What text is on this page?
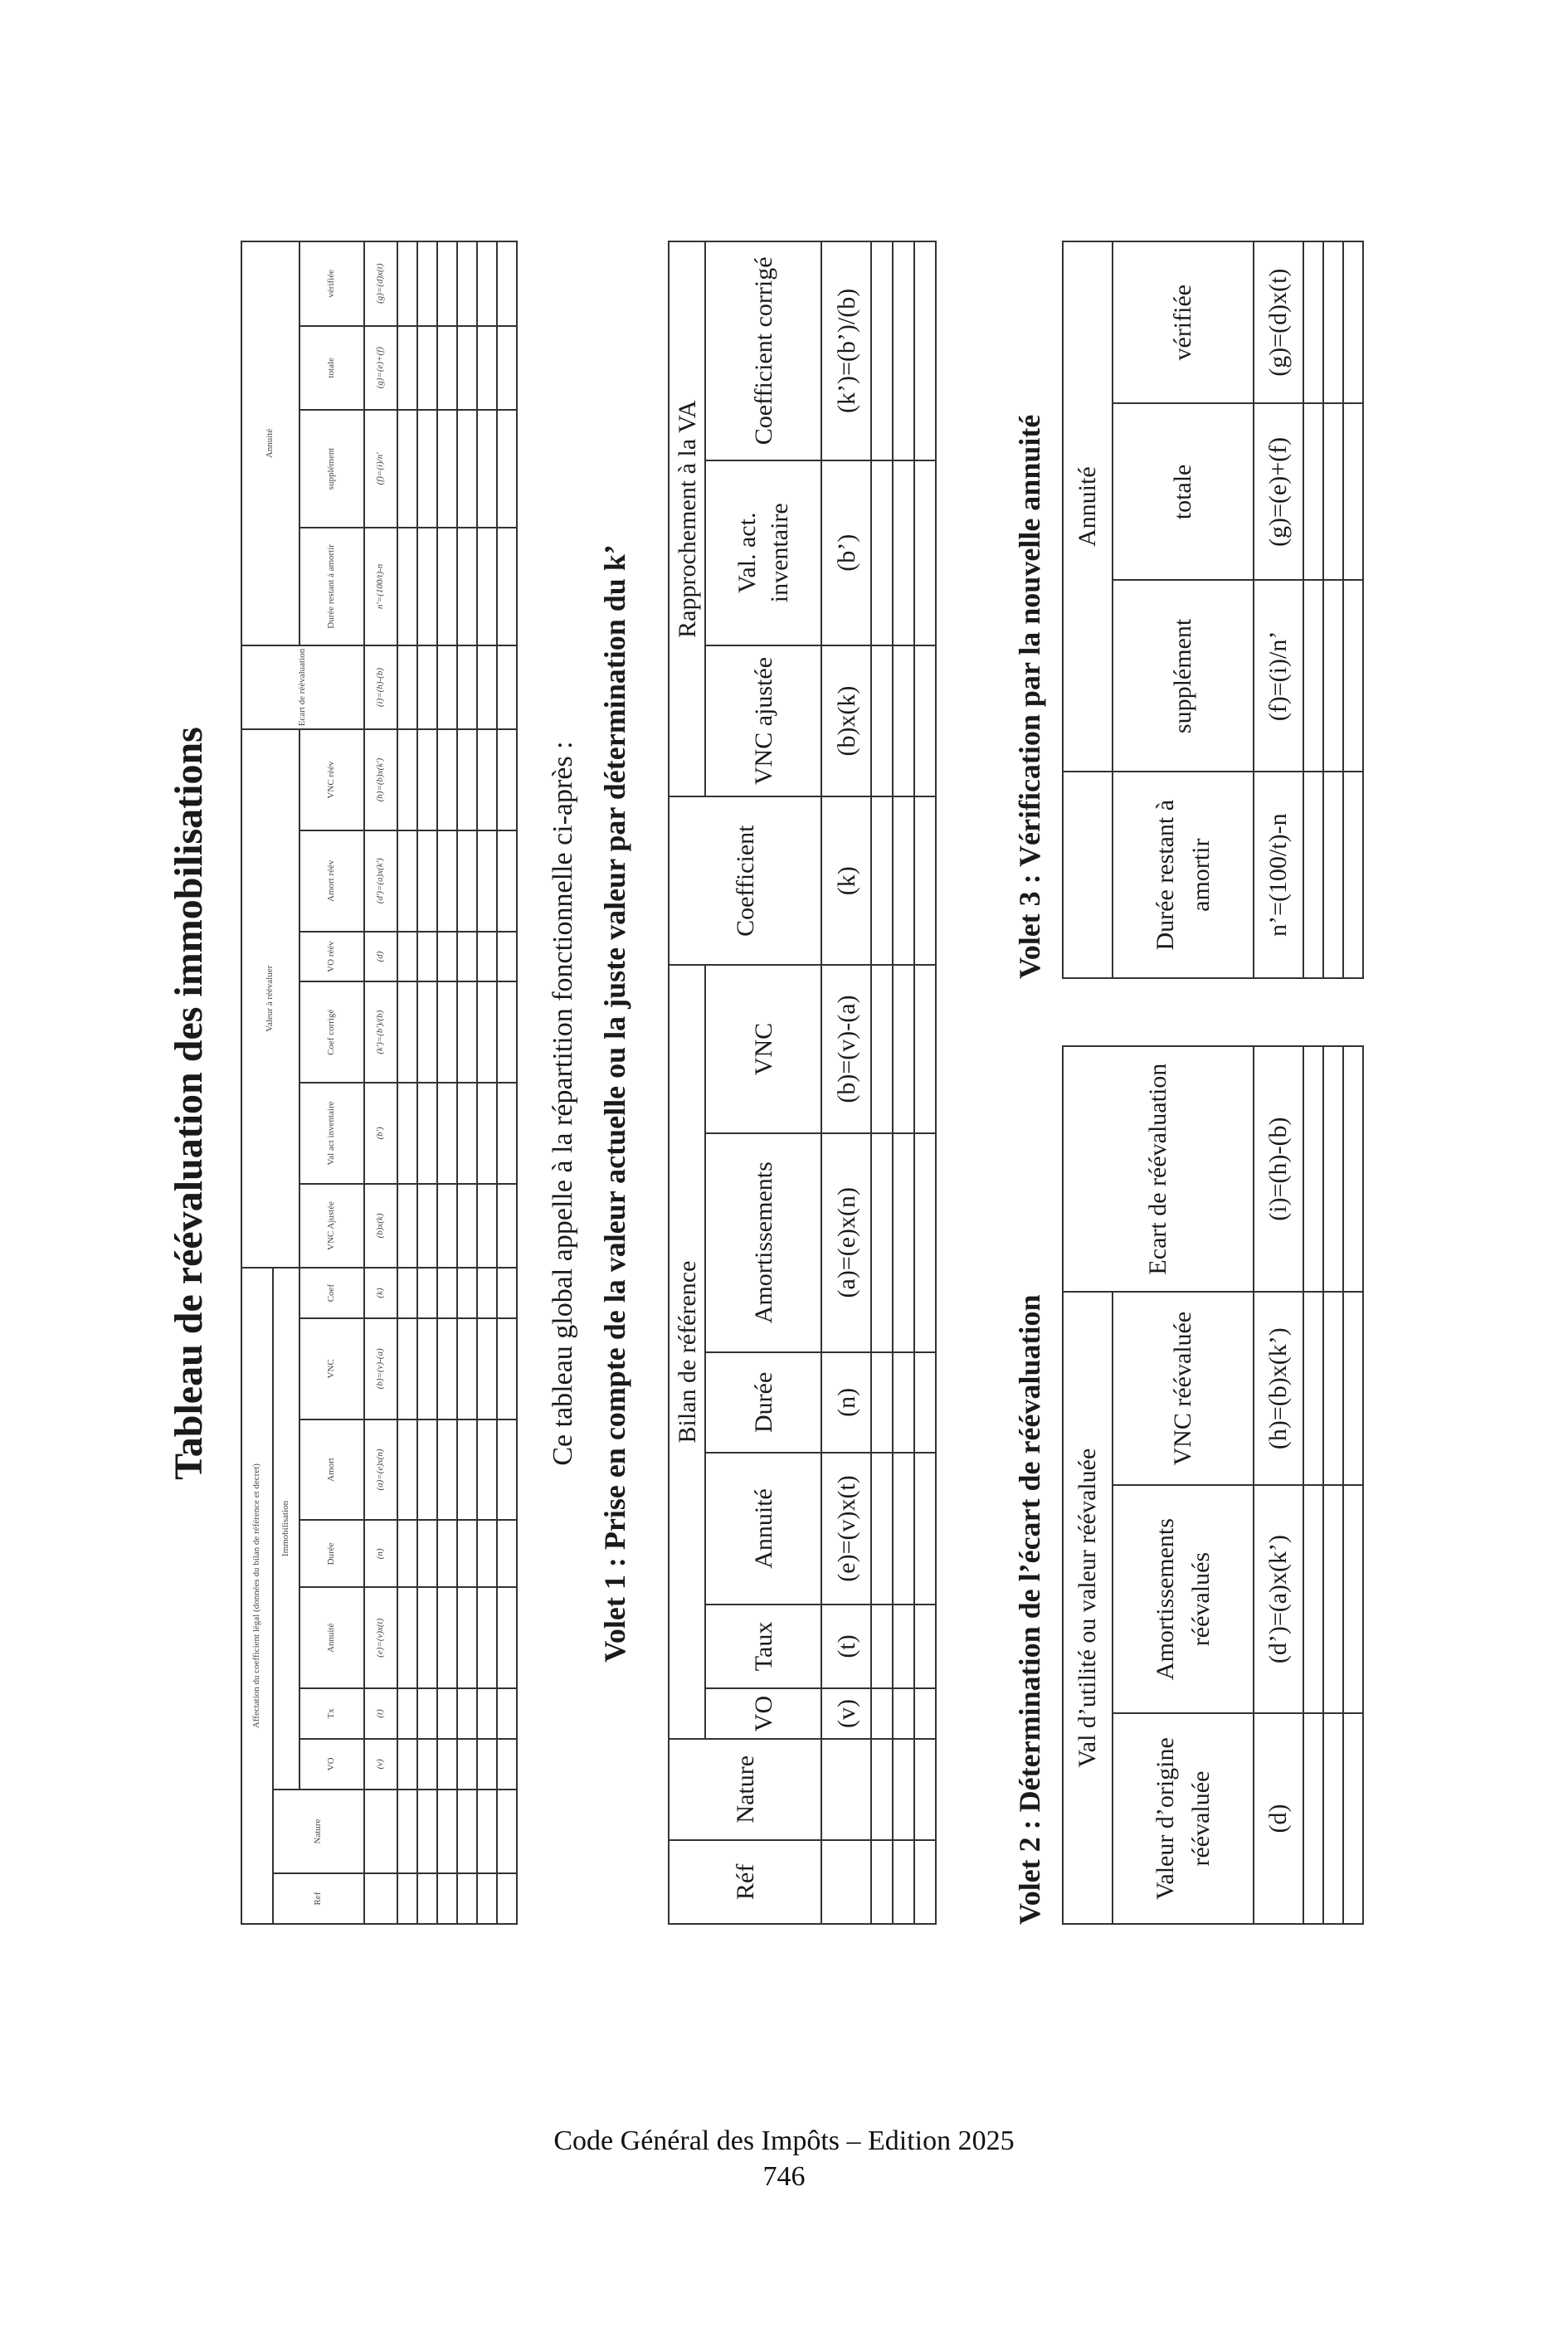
Tableau de réévaluation des immobilisations
Affectation du coefficient légal (données du bilan de référence et decret)									Valeur à réévaluer						Ecart de réévaluation	Annuité			
Ref	Nature	Immobilisation																	
		VO	Tx	Annuité	Durée	Amort	VNC	Coef	VNC Ajustée	Val act inventaire	Coef corrigé	VO réév	Amort réév	VNC réév		Durée restant à amortir	supplément	totale	vérifiée
		(v)	(t)	(e)=(v)x(t)	(n)	(a)=(e)x(n)	(b)=(v)-(a)	(k)	(b)x(k)	(b')	(k')=(b')/(b)	(d)	(d')=(a)x(k')	(h)=(b)x(k')	(i)=(h)-(b)	n'=(100/t)-n	(f)=(i)/n'	(g)=(e)+(f)	(g)=(d)x(t)

Ce tableau global appelle à la répartition fonctionnelle ci-après : Volet 1 : Prise en compte de la valeur actuelle ou la juste valeur par détermination du k’
Réf	Nature	Bilan de référence						Coefficient	Rapprochement à la VA		
		VO	Taux	Annuité	Durée	Amortissements	VNC		VNC ajustée	Val. act. inventaire	Coefficient corrigé
		(v)	(t)	(e)=(v)x(t)	(n)	(a)=(e)x(n)	(b)=(v)-(a)	(k)	(b)x(k)	(b’)	(k’)=(b’)/(b)

Volet 2 : Détermination de l’écart de réévaluation
Volet 3 : Vérification par la nouvelle annuité
Val d’utilité ou valeur réévaluée			Ecart de réévaluation
Valeur d’origine réévaluée	Amortissements réévalués	VNC réévaluée	
(d)	(d’)=(a)x(k’)	(h)=(b)x(k’)	(i)=(h)-(b)

	Annuité		
Durée restant à amortir	supplément	totale	vérifiée
n’=(100/t)-n	(f)=(i)/n’	(g)=(e)+(f)	(g)=(d)x(t)

Code Général des Impôts – Edition 2025
746
